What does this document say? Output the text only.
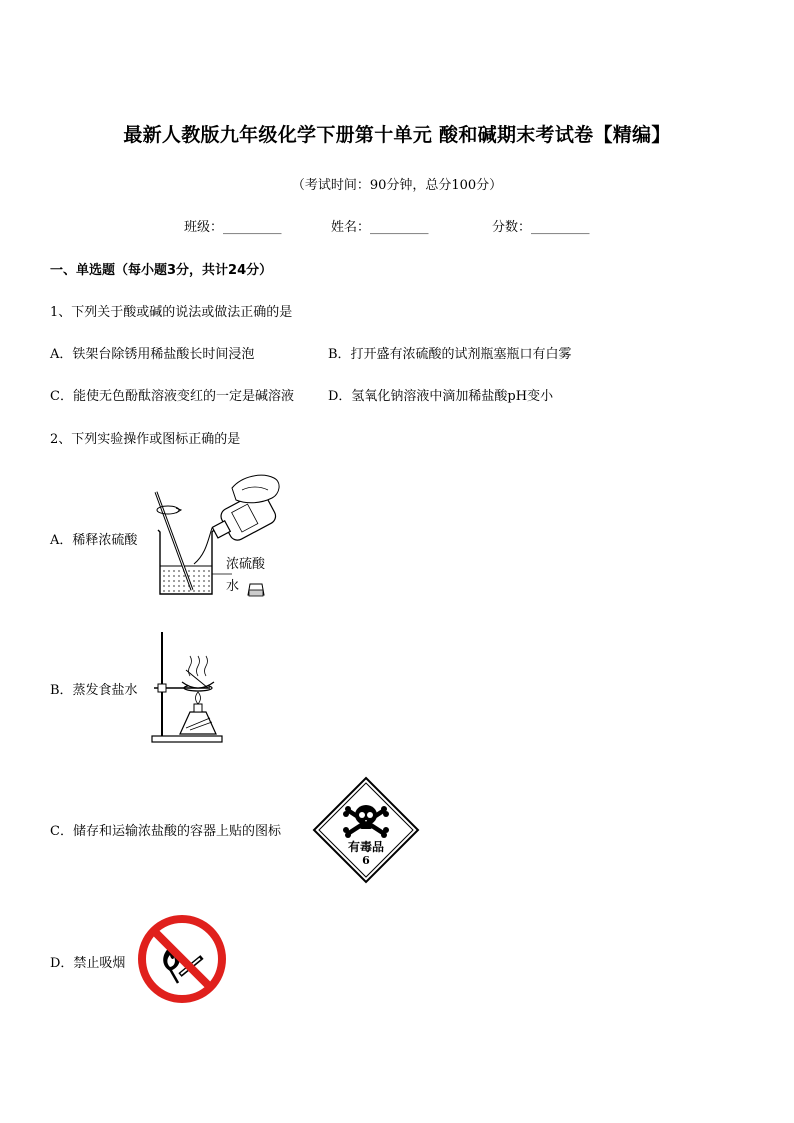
最新人教版九年级化学下册第十单元 酸和碱期末考试卷【精编】
（考试时间：90分钟，总分100分）
班级：_________	姓名：_________	分数：_________
一、单选题（每小题3分，共计24分）
1、下列关于酸或碱的说法或做法正确的是
A．铁架台除锈用稀盐酸长时间浸泡	B．打开盛有浓硫酸的试剂瓶塞瓶口有白雾
C．能使无色酚酞溶液变红的一定是碱溶液	D．氢氧化钠溶液中滴加稀盐酸pH变小
2、下列实验操作或图标正确的是
A．稀释浓硫酸
浓硫酸
水
B．蒸发食盐水
C．储存和运输浓盐酸的容器上贴的图标
有毒品
6
D．禁止吸烟
